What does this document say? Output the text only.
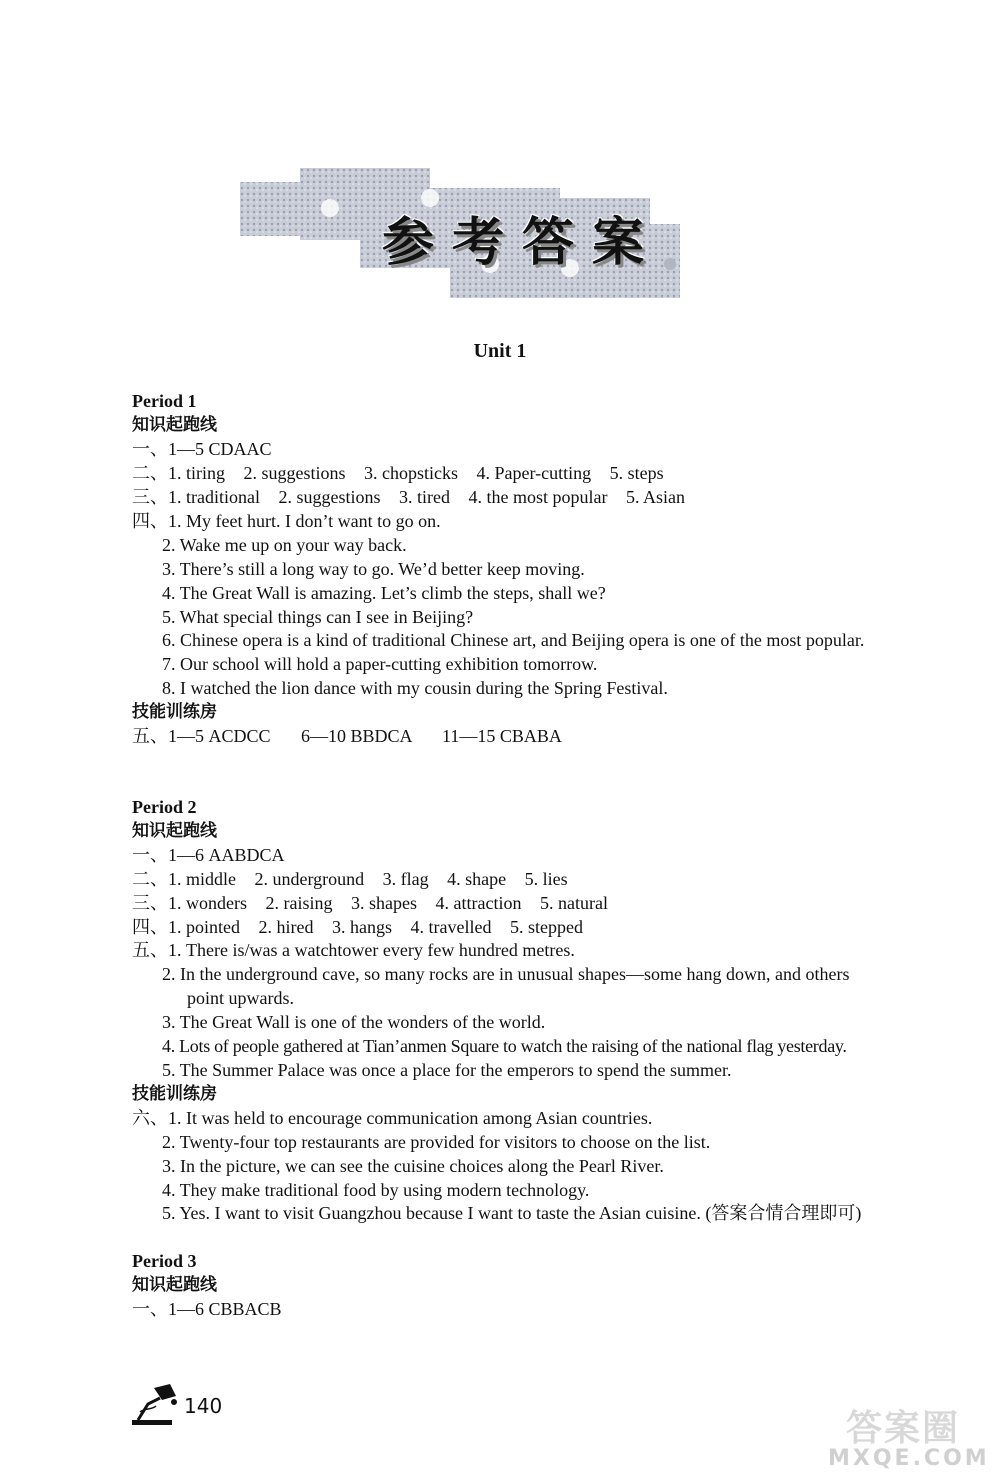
参考答案
Unit 1
Period 1
知识起跑线
一、1—5 CDAAC
二、1. tiring 2. suggestions 3. chopsticks 4. Paper-cutting 5. steps
三、1. traditional 2. suggestions 3. tired 4. the most popular 5. Asian
四、1. My feet hurt. I don’t want to go on.
2. Wake me up on your way back.
3. There’s still a long way to go. We’d better keep moving.
4. The Great Wall is amazing. Let’s climb the steps, shall we?
5. What special things can I see in Beijing?
6. Chinese opera is a kind of traditional Chinese art, and Beijing opera is one of the most popular.
7. Our school will hold a paper-cutting exhibition tomorrow.
8. I watched the lion dance with my cousin during the Spring Festival.
技能训练房
五、1—5 ACDCC 6—10 BBDCA 11—15 CBABA
Period 2
知识起跑线
一、1—6 AABDCA
二、1. middle 2. underground 3. flag 4. shape 5. lies
三、1. wonders 2. raising 3. shapes 4. attraction 5. natural
四、1. pointed 2. hired 3. hangs 4. travelled 5. stepped
五、1. There is/was a watchtower every few hundred metres.
2. In the underground cave, so many rocks are in unusual shapes—some hang down, and others
point upwards.
3. The Great Wall is one of the wonders of the world.
4. Lots of people gathered at Tian’anmen Square to watch the raising of the national flag yesterday.
5. The Summer Palace was once a place for the emperors to spend the summer.
技能训练房
六、1. It was held to encourage communication among Asian countries.
2. Twenty-four top restaurants are provided for visitors to choose on the list.
3. In the picture, we can see the cuisine choices along the Pearl River.
4. They make traditional food by using modern technology.
5. Yes. I want to visit Guangzhou because I want to taste the Asian cuisine. (答案合情合理即可)
Period 3
知识起跑线
一、1—6 CBBACB
140
答案圈
MXQE.COM
